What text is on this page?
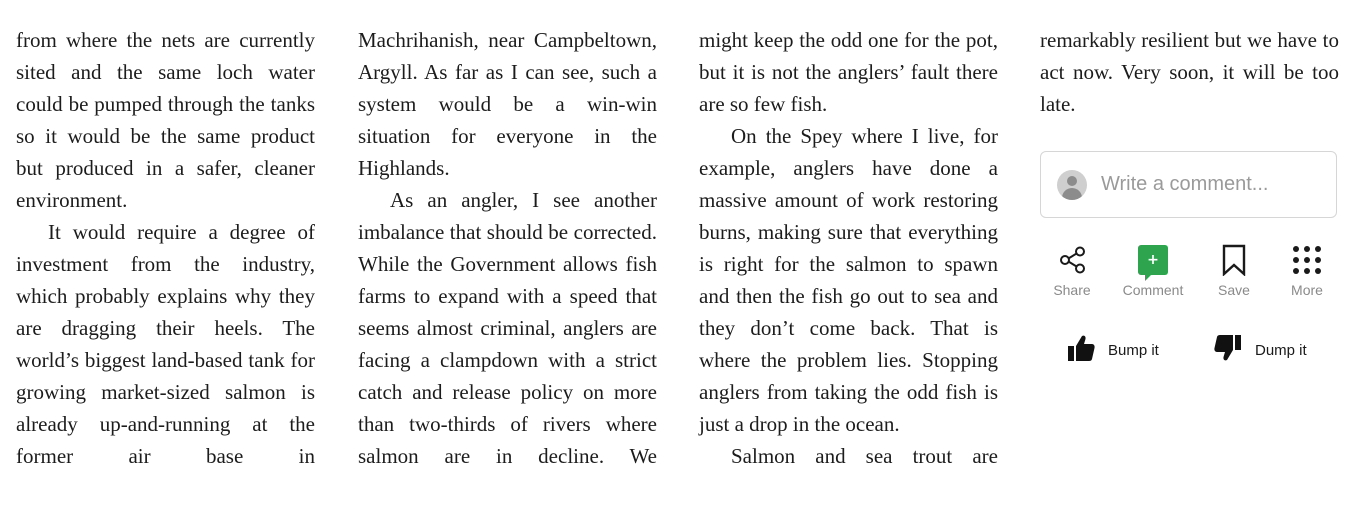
from where the nets are currently sited and the same loch water could be pumped through the tanks so it would be the same product but produced in a safer, cleaner environment.

It would require a degree of investment from the industry, which probably explains why they are dragging their heels. The world’s biggest land-based tank for growing market-sized salmon is already up-and-running at the former air base in

Machrihanish, near Campbeltown, Argyll. As far as I can see, such a system would be a win-win situation for everyone in the Highlands.

As an angler, I see another imbalance that should be corrected. While the Government allows fish farms to expand with a speed that seems almost criminal, anglers are facing a clampdown with a strict catch and release policy on more than two-thirds of rivers where salmon are in decline. We

might keep the odd one for the pot, but it is not the anglers’ fault there are so few fish.

On the Spey where I live, for example, anglers have done a massive amount of work restoring burns, making sure that everything is right for the salmon to spawn and then the fish go out to sea and they don’t come back. That is where the problem lies. Stopping anglers from taking the odd fish is just a drop in the ocean.

Salmon and sea trout are

remarkably resilient but we have to act now. Very soon, it will be too late.

Write a comment...
Share
+
Comment	Save	More
Bump it	Dump it
